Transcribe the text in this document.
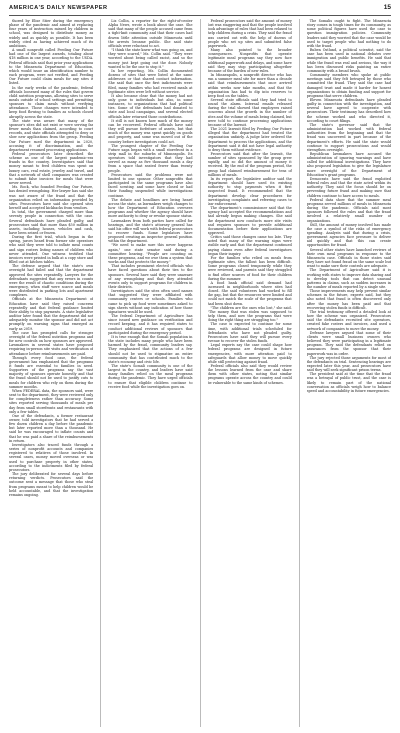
AMERICA'S DAILY NEWSPAPER	15

thored by Elise Stier during the emergency phase of the pandemic and aimed at replacing four years of instruction missed by children in school, was designed to distribute money as widely and as quickly as possible. It has been widely cited as having achieved much of its ambitions.

A small nonprofit called Feeding Our Future had one of the largest awards, totaling about $18 million in one year, according to the USDA. Federal officials said that prior year applications to the Minnesota Department of Education, which would issue an identification number to each program, were not verified, and Feeding Our Future could claim meals for any sites it listed.

In the early weeks of the pandemic, federal officials loosened many of the rules that govern child nutrition programs, allowing sites to serve meals outside of school settings and permitting sponsors to claim meals without verifying attendance. Those changes were intended to keep food flowing to families as schools closed abruptly across the state.

The state was aware that many of the sponsor's sites did not exist or were serving far fewer meals than claimed, according to court records, and state officials attempted to deny or slow new applications from the group. Feeding Our Future sued the department in 2020, accusing it of discrimination, and the department resumed processing applications.

Federal prosecutors later described the scheme as one of the largest pandemic-era frauds in the country. Investigators said that money meant to feed children was spent on luxury cars, real estate, jewelry and travel, and that a network of shell companies was created to submit false invoices for meals that were never served.

Ms. Bock, who founded Feeding Our Future, has denied wrongdoing. Her lawyer has said she was not aware of the fraud and that the organization relied on information provided by sites. Prosecutors have said she opened sites herself and accepted kickbacks from vendors.

In total, the government charged more than seventy people in connection with the case. Several defendants have pleaded guilty, and prosecutors said that more than $50 million in assets, including houses, vehicles and cash, have been seized or frozen.

During the first trial, which began in the spring, jurors heard from former site operators who said they were told to inflate meal counts and sign rosters listing names of children who never attended. One witness testified that invoices were printed in bulk at a copy store and filled out at kitchen tables.

The defense argued that the state's own oversight had failed and that the department approved the sites repeatedly. Lawyers for the defendants suggested that any errors in counts were the result of chaotic conditions during the emergency, when staff were scarce and meals were distributed in parking lots and apartment complexes.

Officials at the Minnesota Department of Education have said they raised concerns repeatedly and that federal guidance limited their ability to stop payments. A state legislative auditor later found that the department did not adequately monitor the sponsor and did not act promptly on warning signs that emerged as early as 2019.

The case has prompted calls for stronger oversight of the federal nutrition programs and for new controls on how sponsors are approved. Lawmakers in several states have proposed requiring in-person site visits and verification of attendance before reimbursements are paid.

Through every food case, the federal government has emphasized that the programs it funds are essential to families in need. Supporters of the programs say the vast majority of sponsors operate honestly and that the fraud should not be used to justify cuts to meals for children who rely on them during the summer months.

When FEDERAL data, the sponsors said, were sent to the department, they were reviewed only for completeness rather than accuracy. Some sites reported serving thousands of meals per day from small storefronts and restaurants with only a few tables.

One of the defendants, a former restaurant owner, told investigators that he had served a few dozen children a day before the pandemic but later reported more than a thousand. He said he was encouraged to inflate counts and that he was paid a share of the reimbursements in return.

Investigators also traced funds through a series of nonprofit accounts and companies registered to relatives of those involved. In several cases, money moved overseas or was used to purchase property in other states, according to the indictments filed by federal prosecutors.

The jury deliberated for several days before returning verdicts. Prosecutors said the outcome sent a message that those who steal from programs meant to help children would be held accountable, and that the investigation remains ongoing.

Liz Collin, a reporter for the right-of-center Alpha News, wrote a book about the case. She said that many of the people accused came from a tight-knit community and that their cases had drawn little attention outside Minnesota until the arrests became public. She said state officials were reluctant to act.

"I think the state knew what was going on, and they were scared," Ms. Collin said. "They were worried about being called racist, and so the money just kept going out the door. Nobody wanted to be the one to stop it."

In her reporting, Ms. Collin documented dozens of sites that were listed at the same addresses or that shared contact information. She said that once the first indictments were filed, many families who had received meals at legitimate sites were left without service.

It also became clear that the money had not only gone to individuals but also, in some instances, to organizations that had political ties. Some of the defendants had donated to state and local campaigns, and several elected officials later returned those contributions.

It still is not known how much of the money can be recovered. Federal officials have said they will pursue forfeiture of assets, but that much of the money was spent quickly on goods and property, and some was moved out of the country before investigators could act.

The youngest chapter of the Feeding Our Future saga began with a small storefront in a strip mall in the suburbs of Minneapolis. Its operators told investigators that they had served as many as five thousand meals a day from a space that seated fewer than twenty people.

Prosecutors said the problems were not limited to one sponsor. Other nonprofits that participated in the same programs have also faced scrutiny, and some have closed or had their funding suspended while investigations continue.

The debate and headlines are being heard across the state, as lawmakers weigh changes to how the Department of Education oversees programs and whether the agency should have more authority to deny or revoke sponsor status.

Lawmakers from both parties have called for hearings, and the state's attorney general has said his office will work with federal prosecutors to recover funds. Some legislators have proposed creating an inspector general position within the department.

"We need to make sure this never happens again," one state senator said during a committee hearing. "People are counting on these programs, and we owe them a system that works and that protects the money."

That includes prominent elected officials who have faced questions about their ties to the sponsors. Several have said they were unaware of any wrongdoing and that they attended events only to support programs for children in their districts.

Investigators said the sites often used names that suggested they were affiliated with community centers or schools. Families who came to pick up food were sometimes asked to sign sheets without any indication of how those signatures would be used.

The federal Department of Agriculture has since issued new guidance on verification and record keeping, and it has required states to conduct additional reviews of sponsors that participated during the emergency period.

It is true enough that the Somali population in the state includes many people who have been harmed by the fraud, community leaders say. They emphasized that the actions of a few should not be used to stigmatize an entire community that has contributed much to the state's economy and civic life.

The state's Somali community is one of the largest in the country, and leaders have said many families relied on the meal programs during the pandemic. They have urged officials to ensure that eligible children continue to receive food while the investigation goes on.

Federal prosecutors said the amount of money lost was staggering and that the people involved took advantage of rules that had been relaxed to help children during a crisis. They said the fraud was carried out with the help of dozens of people who set up sites and submitted false paperwork.

Many also pointed to the broader consequences. Nonprofits that operate legitimate meal programs say they now face additional paperwork and delays, and some have said they may stop participating altogether because of the burden of new rules.

In Minneapolis, a nonprofit director who has run a summer meal site for more than a decade said that reimbursements that once arrived within weeks now take months, and that the organization has had to dip into reserves to keep food on the tables.

Several state officials said they had tried to sound the alarm. Internal emails released during the trial showed that employees raised concerns about the growth in the number of sites and the volume of meals being claimed, but were told to continue processing applications because of the lawsuit.

The 2021 lawsuit filed by Feeding Our Future alleged that the department had treated the organization unfairly. A judge later ordered the department to process the applications, and the department said it did not have legal authority to deny them without evidence.

Prosecutors said that after the lawsuit, the number of sites sponsored by the group grew rapidly, and so did the amount of money it received. By the end of the program period, the group had claimed reimbursement for tens of millions of meals.

In its report, the legislative auditor said the department should have used its existing authority to stop payments when it first suspected fraud. It recommended that the department develop clear procedures for investigating complaints and referring cases to law enforcement.

The department's commissioner said that the agency had accepted the recommendations and had already begun making changes. She said the department now conducts more site visits and requires sponsors to provide additional documentation before their applications are approved.

Critics said those changes came too late. They noted that many of the warning signs were visible early and that the department continued paying claims even after federal investigators began their inquiry.

For the families who relied on meals from legitimate sites, the fallout has been difficult. Some programs closed temporarily while they were reviewed, and parents said they struggled to find other sources of food for their children during the summer.

A food bank official said demand had increased in neighborhoods where sites had closed. She said volunteers had worked to fill the gap, but that the resources were limited and could not match the scale of the programs that had been shut down.

"The children are the ones who lost," she said. "The money that was stolen was supposed to help them, and now the programs that were doing the right thing are struggling too."

The case is expected to continue for some time, with additional trials scheduled for defendants who have not pleaded guilty. Prosecutors have said they will pursue every avenue to recover the stolen funds.

Legal experts say the case could shape how federal programs are designed in future emergencies, with more attention paid to safeguards that allow money to move quickly while still protecting against fraud.

Federal officials also said they would review the lessons learned from the case and share them with other states, noting that similar programs operate across the country and could be vulnerable to the same kinds of schemes.

The Somalis ought to fight. The Minnesota story comes in tough times for its community, as some political figures have used the case to question immigration policies. Community leaders said they worried that the case would be used to target people who had nothing to do with the fraud.

Ruben Ostlund, a political scientist, said the case has been used in national debates over immigration and public benefits. He said that while the fraud was real and serious, the way it has been discussed risks painting an entire community with a broad brush.

Community members who spoke at public meetings said they felt betrayed by those who committed the fraud. They said the case had damaged trust and made it harder for honest organizations to obtain funding and support for programs that serve children.

Eleven Minnesota defendants have pleaded guilty in connection with the investigation, and several have agreed to cooperate with prosecutors. Their testimony has described how the scheme worked and who directed it, according to court filings.

The state's governor said that the administration had worked with federal authorities from the beginning and that the fraud was uncovered in part because of the department's efforts. He said the state would continue to support prosecutions and would strengthen oversight.

Republican lawmakers have accused the administration of ignoring warnings and have called for additional investigations. They have also proposed legislation to give the legislature more oversight of the Department of Education's grant programs.

Democrats have said the fraud exploited federal rules and that the state acted within its authority. They said the focus should be on preventing future fraud and making sure that children continue to have access to meals.

Federal data show that the summer meal programs served millions of meals in Minnesota during the pandemic. Officials said most sponsors followed the rules and that the fraud involved a relatively small number of organizations.

Still, the amount of money involved has made the case a symbol of the risks of emergency spending. Analysts said that during a crisis, government agencies face pressure to deliver aid quickly and that this can create opportunities for fraud.

Several other states have launched reviews of their own meal programs in response to the Minnesota case. Officials in those states said they have not found fraud on the same scale but want to make sure their controls are adequate.

The Department of Agriculture said it is working with states to improve data sharing and to develop tools that can detect unusual patterns in claims, such as sudden increases in the number of meals reported by a single site.

Those improvements may help prevent similar schemes in the future, experts said, but they also noted that fraud is often discovered only after the money has been paid and that recovering stolen funds is difficult.

The trial testimony offered a detailed look at how the scheme was organized. Prosecutors said the defendants recruited site operators, created fake rosters and invoices, and used a network of companies to move the money.

Defense lawyers argued that some of their clients were small business owners who believed they were participating in a legitimate program. They said the defendants relied on assurances from the sponsor that their paperwork was in order.

The jury rejected those arguments for most of the defendants on trial. Sentencing hearings are expected later this year, and prosecutors have said they will seek significant prison terms.

The president said at the time that the fraud was a betrayal of public trust, and the case is likely to remain part of the national conversation as officials weigh how to balance speed and accountability in future emergencies.
